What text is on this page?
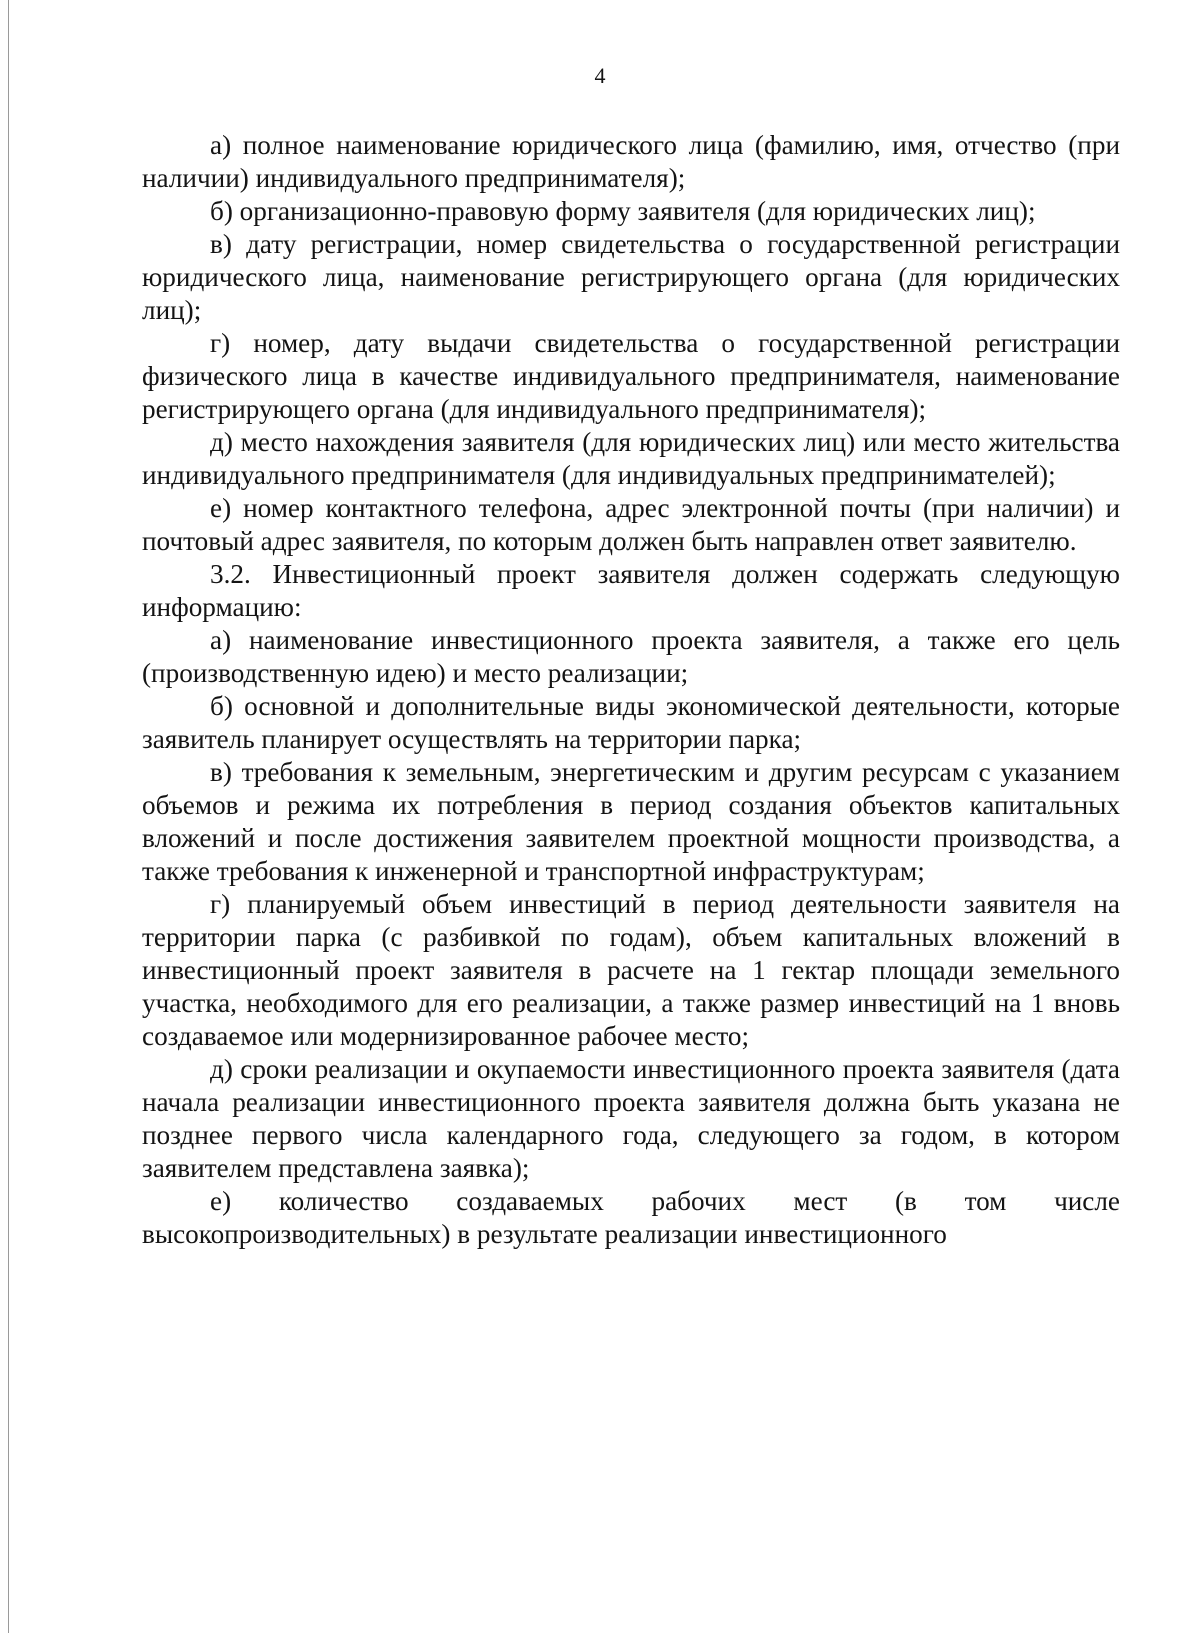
4

а) полное наименование юридического лица (фамилию, имя, отчество (при наличии) индивидуального предпринимателя);

б) организационно-правовую форму заявителя (для юридических лиц);

в) дату регистрации, номер свидетельства о государственной регистрации юридического лица, наименование регистрирующего органа (для юридических лиц);

г) номер, дату выдачи свидетельства о государственной регистрации физического лица в качестве индивидуального предпринимателя, наименование регистрирующего органа (для индивидуального предпринимателя);

д) место нахождения заявителя (для юридических лиц) или место жительства индивидуального предпринимателя (для индивидуальных предпринимателей);

е) номер контактного телефона, адрес электронной почты (при наличии) и почтовый адрес заявителя, по которым должен быть направлен ответ заявителю.

3.2. Инвестиционный проект заявителя должен содержать следующую информацию:

а) наименование инвестиционного проекта заявителя, а также его цель (производственную идею) и место реализации;

б) основной и дополнительные виды экономической деятельности, которые заявитель планирует осуществлять на территории парка;

в) требования к земельным, энергетическим и другим ресурсам с указанием объемов и режима их потребления в период создания объектов капитальных вложений и после достижения заявителем проектной мощности производства, а также требования к инженерной и транспортной инфраструктурам;

г) планируемый объем инвестиций в период деятельности заявителя на территории парка (с разбивкой по годам), объем капитальных вложений в инвестиционный проект заявителя в расчете на 1 гектар площади земельного участка, необходимого для его реализации, а также размер инвестиций на 1 вновь создаваемое или модернизированное рабочее место;

д) сроки реализации и окупаемости инвестиционного проекта заявителя (дата начала реализации инвестиционного проекта заявителя должна быть указана не позднее первого числа календарного года, следующего за годом, в котором заявителем представлена заявка);

е) количество создаваемых рабочих мест (в том числе высокопроизводительных) в результате реализации инвестиционного
